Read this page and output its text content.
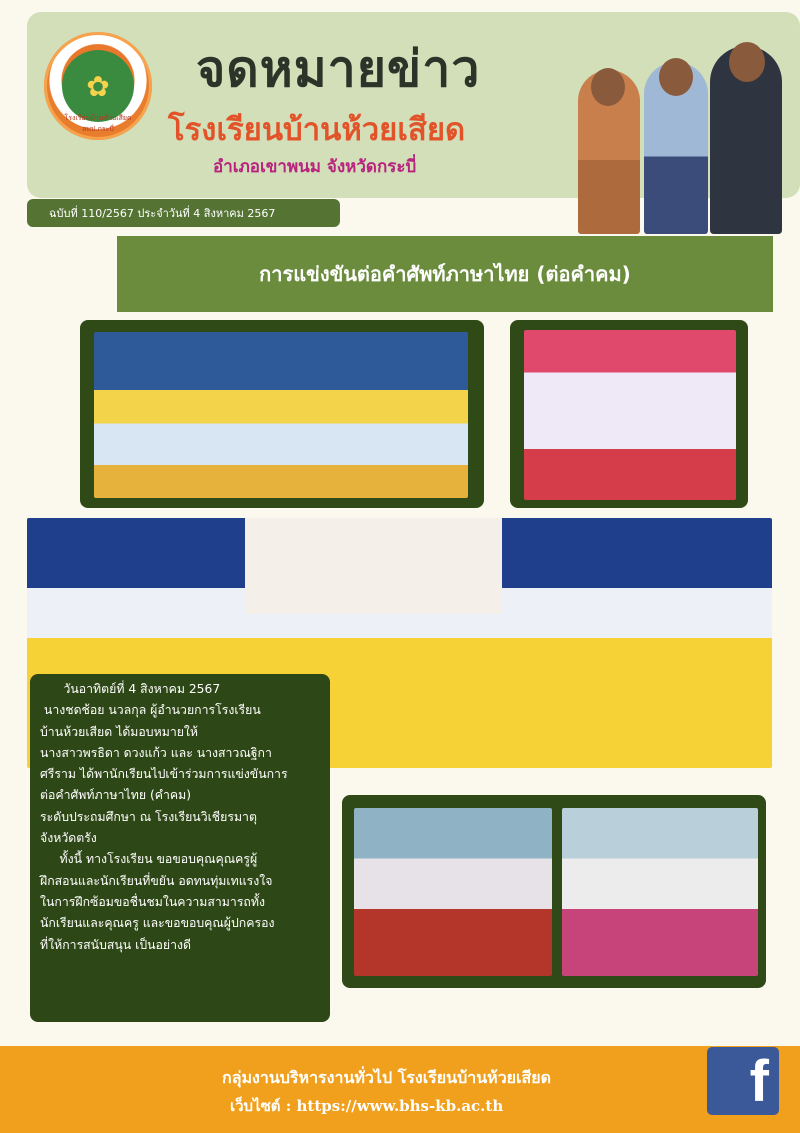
✿
โรงเรียนบ้านห้วยเสียด สพป.กระบี่
จดหมายข่าว
โรงเรียนบ้านห้วยเสียด
อำเภอเขาพนม จังหวัดกระบี่
ฉบับที่ 110/2567 ประจำวันที่ 4 สิงหาคม 2567
การแข่งขันต่อคำศัพท์ภาษาไทย (ต่อคำคม)

วันอาทิตย์ที่ 4 สิงหาคม 2567

นางชดช้อย นวลกุล ผู้อำนวยการโรงเรียน

บ้านห้วยเสียด ได้มอบหมายให้

นางสาวพรธิดา ดวงแก้ว และ นางสาวณฐิกา

ศรีราม ได้พานักเรียนไปเข้าร่วมการแข่งขันการ

ต่อคำศัพท์ภาษาไทย (คำคม)

ระดับประถมศึกษา ณ โรงเรียนวิเชียรมาตุ

จังหวัดตรัง

ทั้งนี้ ทางโรงเรียน ขอขอบคุณคุณครูผู้

ฝึกสอนและนักเรียนที่ขยัน อดทนทุ่มเทแรงใจ

ในการฝึกซ้อมขอชื่นชมในความสามารถทั้ง

นักเรียนและคุณครู และขอขอบคุณผู้ปกครอง

ที่ให้การสนับสนุน เป็นอย่างดี

กลุ่มงานบริหารงานทั่วไป โรงเรียนบ้านห้วยเสียด
เว็บไซต์ : https://www.bhs-kb.ac.th	f
